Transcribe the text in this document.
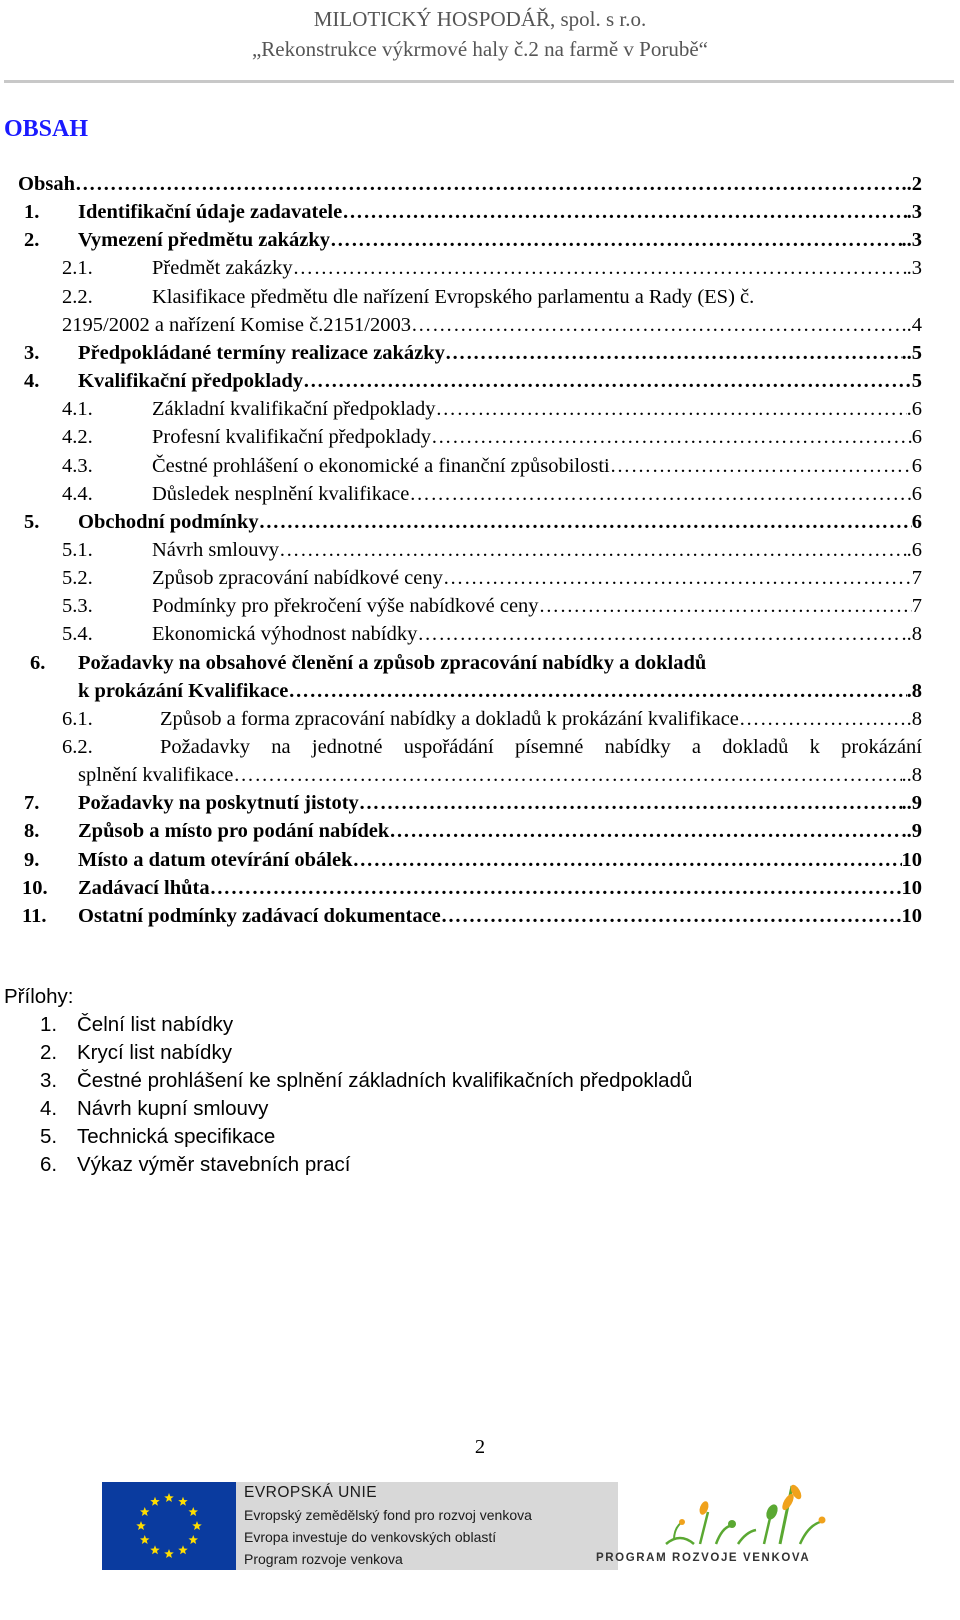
MILOTICKÝ HOSPODÁŘ, spol. s r.o.
„Rekonstrukce výkrmové haly č.2 na farmě v Porubě“
OBSAH
Obsah ……………………………………………………………………………………………………………………………………………………………………………………………………………………	..2
1. Identifikační údaje zadavatele ……………………………………………………………………………………………………………………………………………………………………………………………………………………	.3
2. Vymezení předmětu zakázky ……………………………………………………………………………………………………………………………………………………………………………………………………………………	..3
2.1.	Předmět zakázky ……………………………………………………………………………………………………………………………………………………………………………………………………………………	.3
2.2.	Klasifikace předmětu dle nařízení Evropského parlamentu a Rady (ES) č.
2195/2002 a nařízení Komise č.2151/2003 ……………………………………………………………………………………………………………………………………………………………………………………………………………………	..4
3. Předpokládané termíny realizace zakázky ……………………………………………………………………………………………………………………………………………………………………………………………………………………	..5
4. Kvalifikační předpoklady ……………………………………………………………………………………………………………………………………………………………………………………………………………………	5
4.1.	Základní kvalifikační předpoklady ……………………………………………………………………………………………………………………………………………………………………………………………………………………	.6
4.2.	Profesní kvalifikační předpoklady ……………………………………………………………………………………………………………………………………………………………………………………………………………………	6
4.3.	Čestné prohlášení o ekonomické a finanční způsobilosti ……………………………………………………………………………………………………………………………………………………………………………………………………………………	6
4.4.	Důsledek nesplnění kvalifikace ……………………………………………………………………………………………………………………………………………………………………………………………………………………	6
5. Obchodní podmínky ……………………………………………………………………………………………………………………………………………………………………………………………………………………	6
5.1.	Návrh smlouvy ……………………………………………………………………………………………………………………………………………………………………………………………………………………	.6
5.2.	Způsob zpracování nabídkové ceny ……………………………………………………………………………………………………………………………………………………………………………………………………………………	7
5.3.	Podmínky pro překročení výše nabídkové ceny ……………………………………………………………………………………………………………………………………………………………………………………………………………………	7
5.4.	Ekonomická výhodnost nabídky ……………………………………………………………………………………………………………………………………………………………………………………………………………………	..8
6. Požadavky na obsahové členění a způsob zpracování nabídky a dokladů
k prokázání Kvalifikace ……………………………………………………………………………………………………………………………………………………………………………………………………………………	.8
6.1.	Způsob a forma zpracování nabídky a dokladů k prokázání kvalifikace ……………………………………………………………………………………………………………………………………………………………………………………………………………………	.8
6.2.	Požadavky na jednotné uspořádání písemné nabídky a dokladů k prokázání
splnění kvalifikace ……………………………………………………………………………………………………………………………………………………………………………………………………………………	..8
7. Požadavky na poskytnutí jistoty ……………………………………………………………………………………………………………………………………………………………………………………………………………………	..9
8. Způsob a místo pro podání nabídek ……………………………………………………………………………………………………………………………………………………………………………………………………………………	..9
9. Místo a datum otevírání obálek ……………………………………………………………………………………………………………………………………………………………………………………………………………………	10
10. Zadávací lhůta ……………………………………………………………………………………………………………………………………………………………………………………………………………………	.10
11. Ostatní podmínky zadávací dokumentace ……………………………………………………………………………………………………………………………………………………………………………………………………………………	.10
Přílohy:
1. Čelní list nabídky
2. Krycí list nabídky
3. Čestné prohlášení ke splnění základních kvalifikačních předpokladů
4. Návrh kupní smlouvy
5. Technická specifikace
6. Výkaz výměr stavebních prací
2
EVROPSKÁ UNIE
Evropský zemědělský fond pro rozvoj venkova
Evropa investuje do venkovských oblastí
Program rozvoje venkova	PROGRAM ROZVOJE VENKOVA
